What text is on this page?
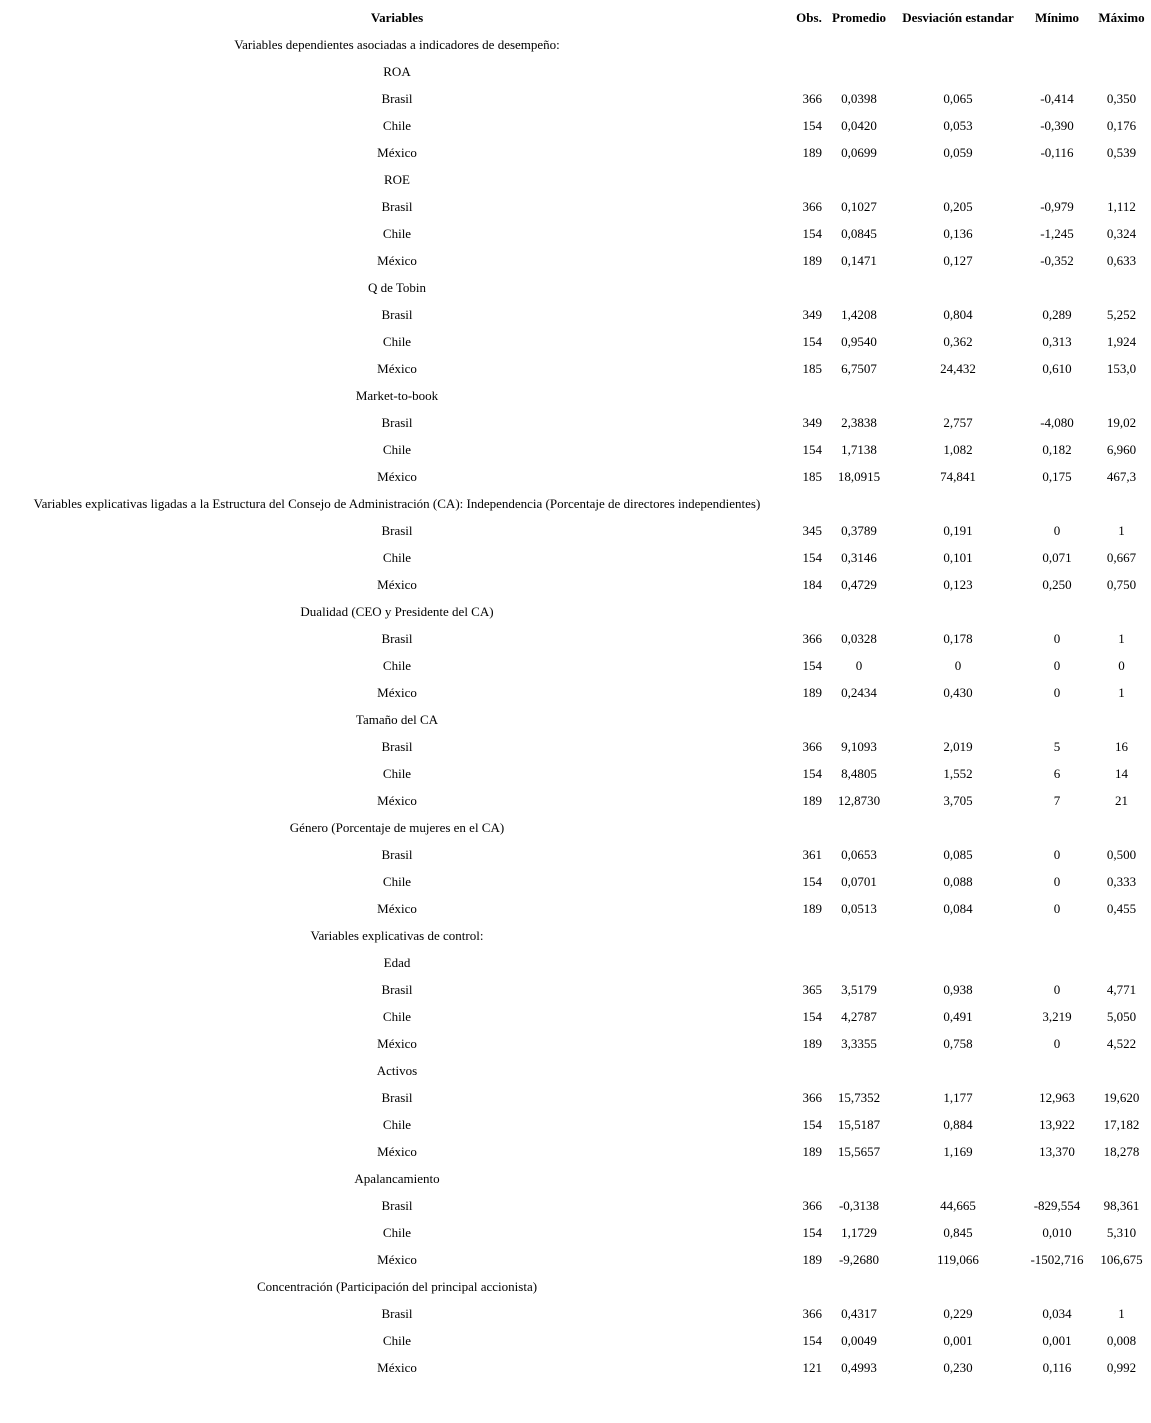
Variables	Obs.	Promedio	Desviación estandar	Mínimo	Máximo
Variables dependientes asociadas a indicadores de desempeño:					
ROA					
Brasil	366	0,0398	0,065	-0,414	0,350
Chile	154	0,0420	0,053	-0,390	0,176
México	189	0,0699	0,059	-0,116	0,539
ROE					
Brasil	366	0,1027	0,205	-0,979	1,112
Chile	154	0,0845	0,136	-1,245	0,324
México	189	0,1471	0,127	-0,352	0,633
Q de Tobin					
Brasil	349	1,4208	0,804	0,289	5,252
Chile	154	0,9540	0,362	0,313	1,924
México	185	6,7507	24,432	0,610	153,0
Market-to-book					
Brasil	349	2,3838	2,757	-4,080	19,02
Chile	154	1,7138	1,082	0,182	6,960
México	185	18,0915	74,841	0,175	467,3
Variables explicativas ligadas a la Estructura del Consejo de Administración (CA): Independencia (Porcentaje de directores independientes)					
Brasil	345	0,3789	0,191	0	1
Chile	154	0,3146	0,101	0,071	0,667
México	184	0,4729	0,123	0,250	0,750
Dualidad (CEO y Presidente del CA)					
Brasil	366	0,0328	0,178	0	1
Chile	154	0	0	0	0
México	189	0,2434	0,430	0	1
Tamaño del CA					
Brasil	366	9,1093	2,019	5	16
Chile	154	8,4805	1,552	6	14
México	189	12,8730	3,705	7	21
Género (Porcentaje de mujeres en el CA)					
Brasil	361	0,0653	0,085	0	0,500
Chile	154	0,0701	0,088	0	0,333
México	189	0,0513	0,084	0	0,455
Variables explicativas de control:					
Edad					
Brasil	365	3,5179	0,938	0	4,771
Chile	154	4,2787	0,491	3,219	5,050
México	189	3,3355	0,758	0	4,522
Activos					
Brasil	366	15,7352	1,177	12,963	19,620
Chile	154	15,5187	0,884	13,922	17,182
México	189	15,5657	1,169	13,370	18,278
Apalancamiento					
Brasil	366	-0,3138	44,665	-829,554	98,361
Chile	154	1,1729	0,845	0,010	5,310
México	189	-9,2680	119,066	-1502,716	106,675
Concentración (Participación del principal accionista)					
Brasil	366	0,4317	0,229	0,034	1
Chile	154	0,0049	0,001	0,001	0,008
México	121	0,4993	0,230	0,116	0,992
